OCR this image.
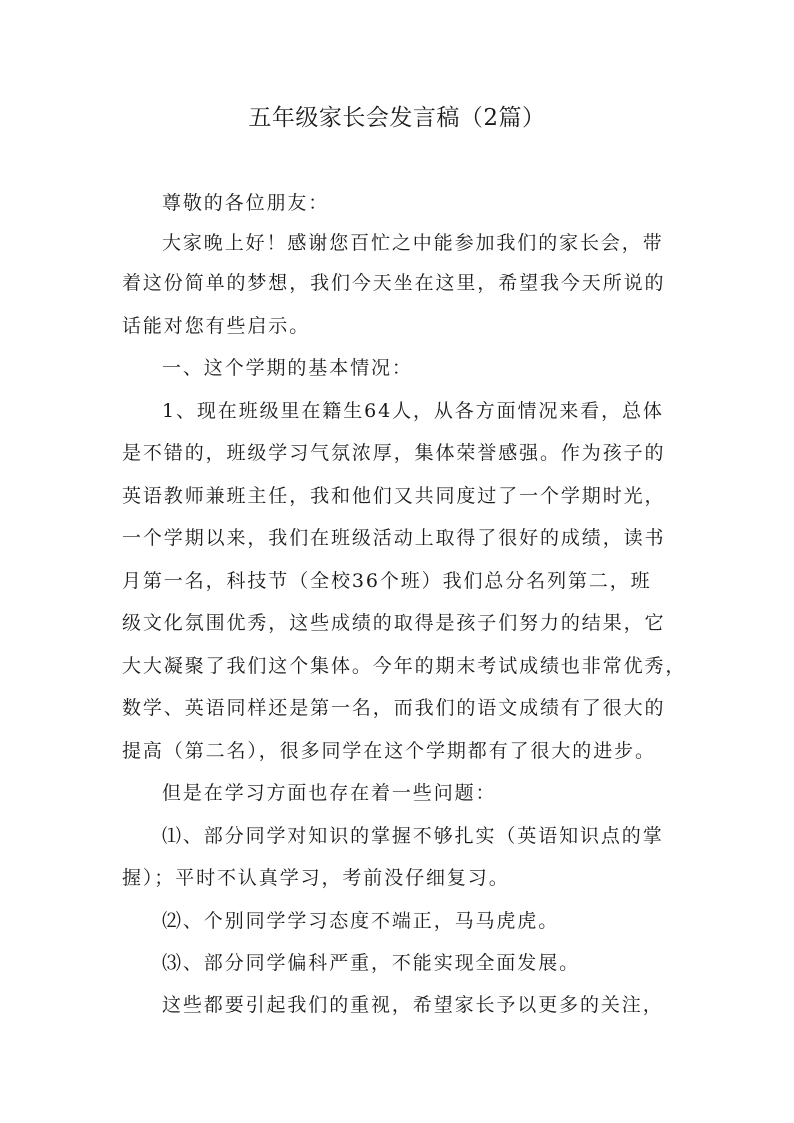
五年级家长会发言稿（2篇）
尊敬的各位朋友：
大家晚上好！感谢您百忙之中能参加我们的家长会，带
着这份简单的梦想，我们今天坐在这里，希望我今天所说的
话能对您有些启示。
一、这个学期的基本情况：
1、现在班级里在籍生64人，从各方面情况来看，总体
是不错的，班级学习气氛浓厚，集体荣誉感强。作为孩子的
英语教师兼班主任，我和他们又共同度过了一个学期时光，
一个学期以来，我们在班级活动上取得了很好的成绩，读书
月第一名，科技节（全校36个班）我们总分名列第二，班
级文化氛围优秀，这些成绩的取得是孩子们努力的结果，它
大大凝聚了我们这个集体。今年的期末考试成绩也非常优秀，
数学、英语同样还是第一名，而我们的语文成绩有了很大的
提高（第二名），很多同学在这个学期都有了很大的进步。
但是在学习方面也存在着一些问题：
⑴、部分同学对知识的掌握不够扎实（英语知识点的掌
握）；平时不认真学习，考前没仔细复习。
⑵、个别同学学习态度不端正，马马虎虎。
⑶、部分同学偏科严重，不能实现全面发展。
这些都要引起我们的重视，希望家长予以更多的关注，
